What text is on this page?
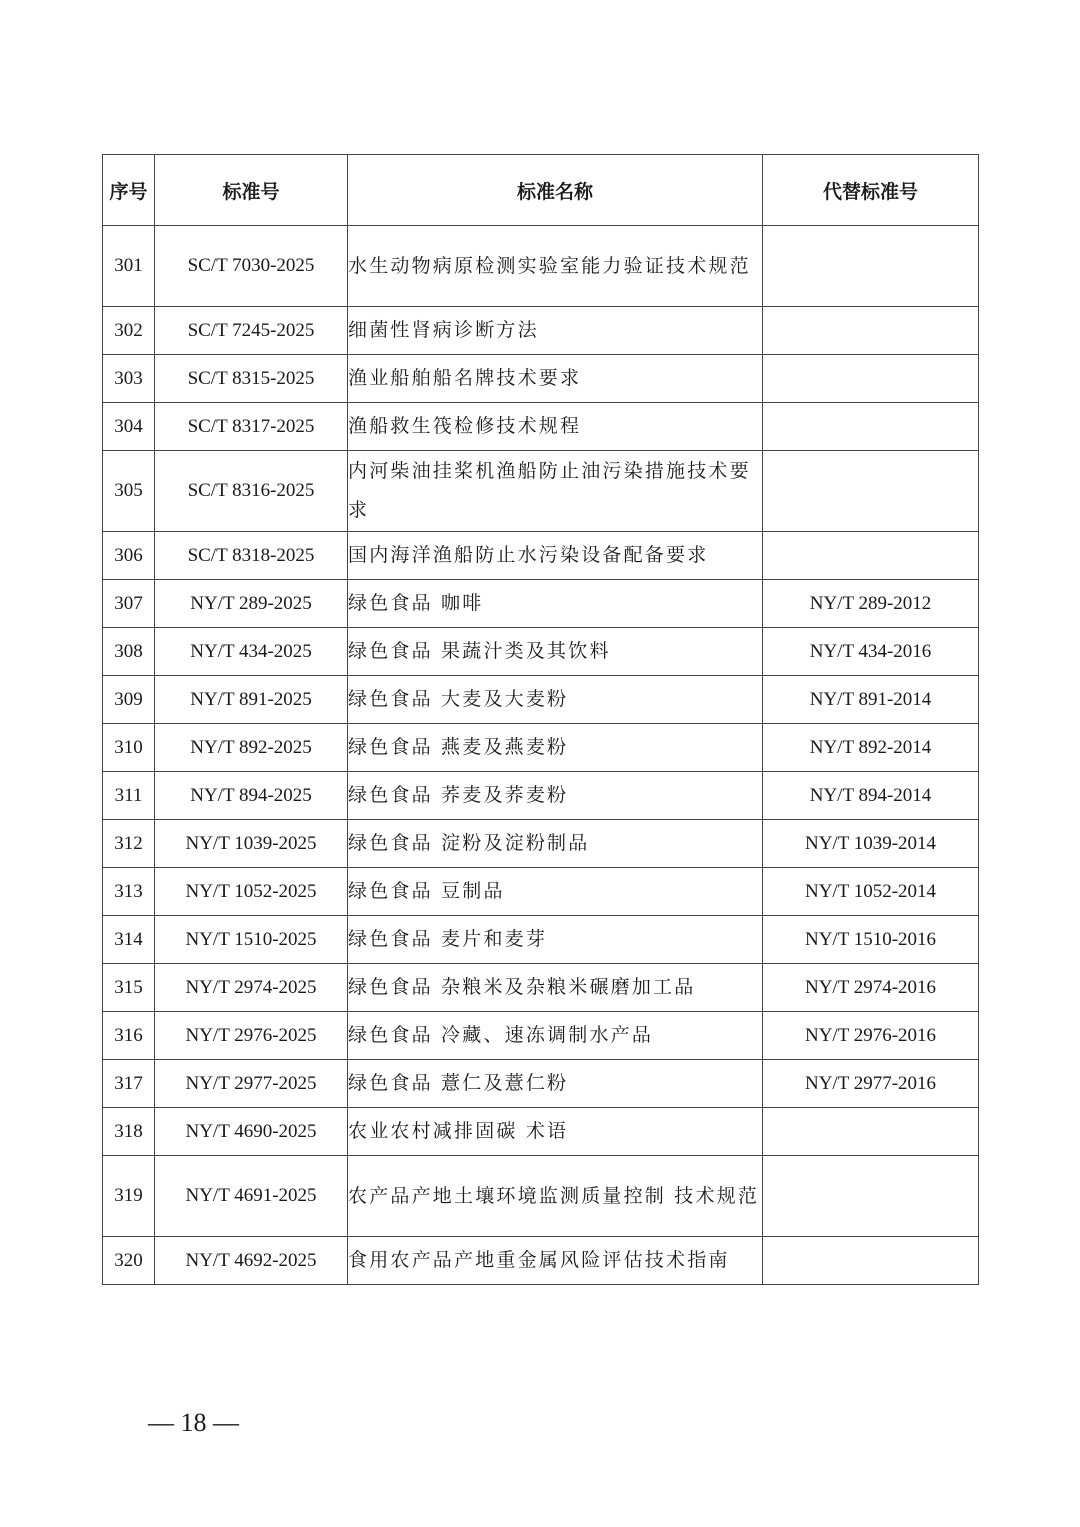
序号	标准号	标准名称	代替标准号
301	SC/T 7030-2025	水生动物病原检测实验室能力验证技术规范	
302	SC/T 7245-2025	细菌性肾病诊断方法	
303	SC/T 8315-2025	渔业船舶船名牌技术要求	
304	SC/T 8317-2025	渔船救生筏检修技术规程	
305	SC/T 8316-2025	内河柴油挂桨机渔船防止油污染措施技术要求	
306	SC/T 8318-2025	国内海洋渔船防止水污染设备配备要求	
307	NY/T 289-2025	绿色食品 咖啡	NY/T 289-2012
308	NY/T 434-2025	绿色食品 果蔬汁类及其饮料	NY/T 434-2016
309	NY/T 891-2025	绿色食品 大麦及大麦粉	NY/T 891-2014
310	NY/T 892-2025	绿色食品 燕麦及燕麦粉	NY/T 892-2014
311	NY/T 894-2025	绿色食品 荞麦及荞麦粉	NY/T 894-2014
312	NY/T 1039-2025	绿色食品 淀粉及淀粉制品	NY/T 1039-2014
313	NY/T 1052-2025	绿色食品 豆制品	NY/T 1052-2014
314	NY/T 1510-2025	绿色食品 麦片和麦芽	NY/T 1510-2016
315	NY/T 2974-2025	绿色食品 杂粮米及杂粮米碾磨加工品	NY/T 2974-2016
316	NY/T 2976-2025	绿色食品 冷藏、速冻调制水产品	NY/T 2976-2016
317	NY/T 2977-2025	绿色食品 薏仁及薏仁粉	NY/T 2977-2016
318	NY/T 4690-2025	农业农村减排固碳 术语	
319	NY/T 4691-2025	农产品产地土壤环境监测质量控制 技术规范	
320	NY/T 4692-2025	食用农产品产地重金属风险评估技术指南	
— 18 —
